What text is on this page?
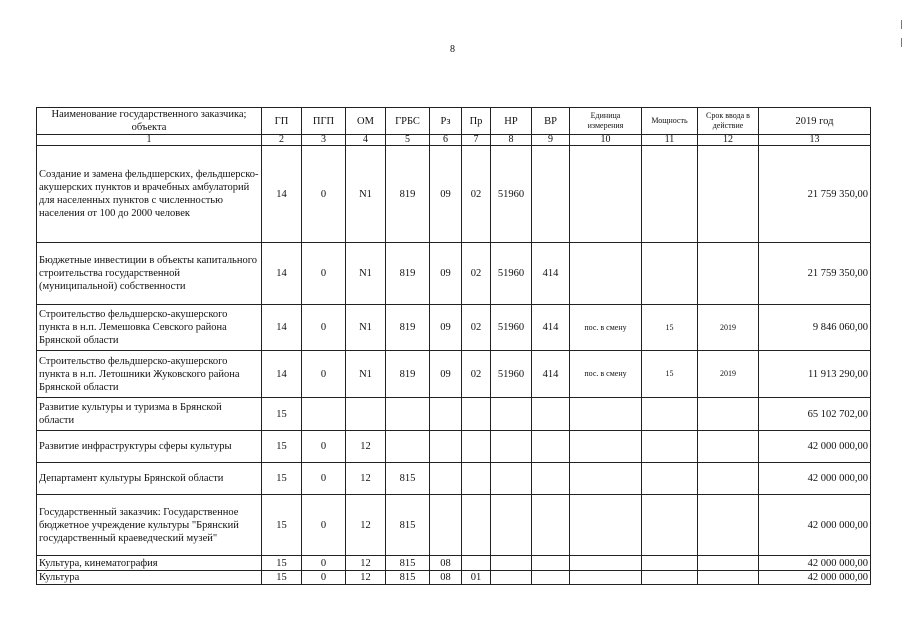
8
Наименование государственного заказчика; объекта	ГП	ПГП	ОМ	ГРБС	Рз	Пр	НР	ВР	Единица измерения	Мощность	Срок ввода в действие	2019 год
1	2	3	4	5	6	7	8	9	10	11	12	13
Создание и замена фельдшерских, фельдшерско-акушерских пунктов и врачебных амбулаторий для населенных пунктов с численностью населения от 100 до 2000 человек	14	0	N1	819	09	02	51960					21 759 350,00
Бюджетные инвестиции в объекты капитального строительства государственной (муниципальной) собственности	14	0	N1	819	09	02	51960	414				21 759 350,00
Строительство фельдшерско-акушерского пункта в н.п. Лемешовка Севского района Брянской области	14	0	N1	819	09	02	51960	414	пос. в смену	15	2019	9 846 060,00
Строительство фельдшерско-акушерского пункта в н.п. Летошники Жуковского района Брянской области	14	0	N1	819	09	02	51960	414	пос. в смену	15	2019	11 913 290,00
Развитие культуры и туризма в Брянской области	15											65 102 702,00
Развитие инфраструктуры сферы культуры	15	0	12									42 000 000,00
Департамент культуры Брянской области	15	0	12	815								42 000 000,00
Государственный заказчик: Государственное бюджетное учреждение культуры "Брянский государственный краеведческий музей"	15	0	12	815								42 000 000,00
Культура, кинематография	15	0	12	815	08							42 000 000,00
Культура	15	0	12	815	08	01						42 000 000,00
